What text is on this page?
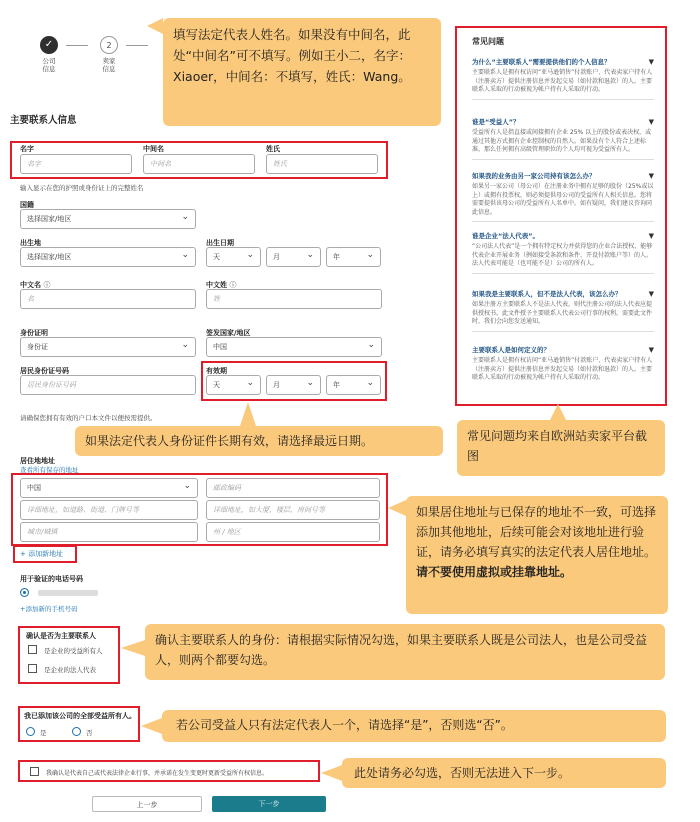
✓	2
公司
信息
卖家
信息
主要联系人信息
名字
名字
中间名
中间名
姓氏
姓氏
输入显示在您的护照或身份证上的完整姓名
国籍
选择国家/地区 ⌄
出生地
选择国家/地区 ⌄
出生日期
天 ⌄	月 ⌄	年 ⌄
中文名 ⓘ
名
中文姓 ⓘ
姓
身份证明
身份证 ⌄
签发国家/地区
中国 ⌄
居民身份证号码
居民身份证号码
有效期
天 ⌄	月 ⌄	年 ⌄
请确保您拥有有效的户口本文件以便按需提供。
居住地地址
查看所有保存的地址
中国 ⌄	邮政编码
详细地址，如道路、街道、门牌号等	详细地址，如大厦、楼层、房间号等
城市/城镇	州 / 地区
+ 添加新地址
用于验证的电话号码
+添加新的手机号码
确认是否为主要联系人
是企业的受益所有人
是企业的法人代表
我已添加该公司的全部受益所有人。
是	否
我确认是代表自己或代表法律企业行事，并承诺在发生变更时更新受益所有权信息。
上一步	下一步
常见问题

为什么“主要联系人”需要提供他们的个人信息？

主要联系人是拥有权访问“亚马逊销售”付款账户、代表卖家户持有人（注册卖方）提供注册信息并发起交易（如付款和退款）的人。主要联系人采取的行动被视为帐户持有人采取的行动。

▼

谁是“受益人”？

受益所有人是指直接或间接拥有企业 25% 以上的股份或表决权，或通过其他方式拥有企业控制权的自然人。如果没有个人符合上述标准，那么任何拥有高级管理职位的个人均可视为受益所有人。

▼

如果我的业务由另一家公司持有该怎么办？

如果另一家公司（母公司）在注册业务中拥有足够的股份（25%或以上）或拥有投票权，则必须提供母公司的受益所有人相关信息。您将需要提供该母公司的受益所有人名单中。如有疑问，我们建议咨询同此信息。

▼

谁是企业“法人代表”。

“公司法人代表”是一个拥有特定权力并获得您的企业合法授权、能够代表企业开展业务（例如接受条款和条件、开设付款账户等）的人。法人代表可能是（也可能不是）公司的所有人。

▼

如果我是主要联系人，但不是法人代表，该怎么办？

如果注册方主要联系人不是法人代表，则代注册公司的法人代表应提供授权书。此文件授予主要联系人代表公司行事的权利。需要此文件时，我们会向您发送通知。

▼

主要联系人是如何定义的？

主要联系人是拥有权访问“亚马逊销售”付款账户、代表卖家户持有人（注册卖方）提供注册信息并发起交易（如付款和退款）的人。主要联系人采取的行动被视为帐户持有人采取的行动。

▼
填写法定代表人姓名。如果没有中间名，此处“中间名”可不填写。例如王小二，名字：Xiaoer，中间名：不填写，姓氏：Wang。
如果法定代表人身份证件长期有效，请选择最远日期。	常见问题均来自欧洲站卖家平台截图
如果居住地址与已保存的地址不一致，可选择添加其他地址，后续可能会对该地址进行验证，请务必填写真实的法定代表人居住地址。
请不要使用虚拟或挂靠地址。
确认主要联系人的身份：请根据实际情况勾选，如果主要联系人既是公司法人，也是公司受益人，则两个都要勾选。
若公司受益人只有法定代表人一个，请选择“是”，否则选“否”。
此处请务必勾选，否则无法进入下一步。
